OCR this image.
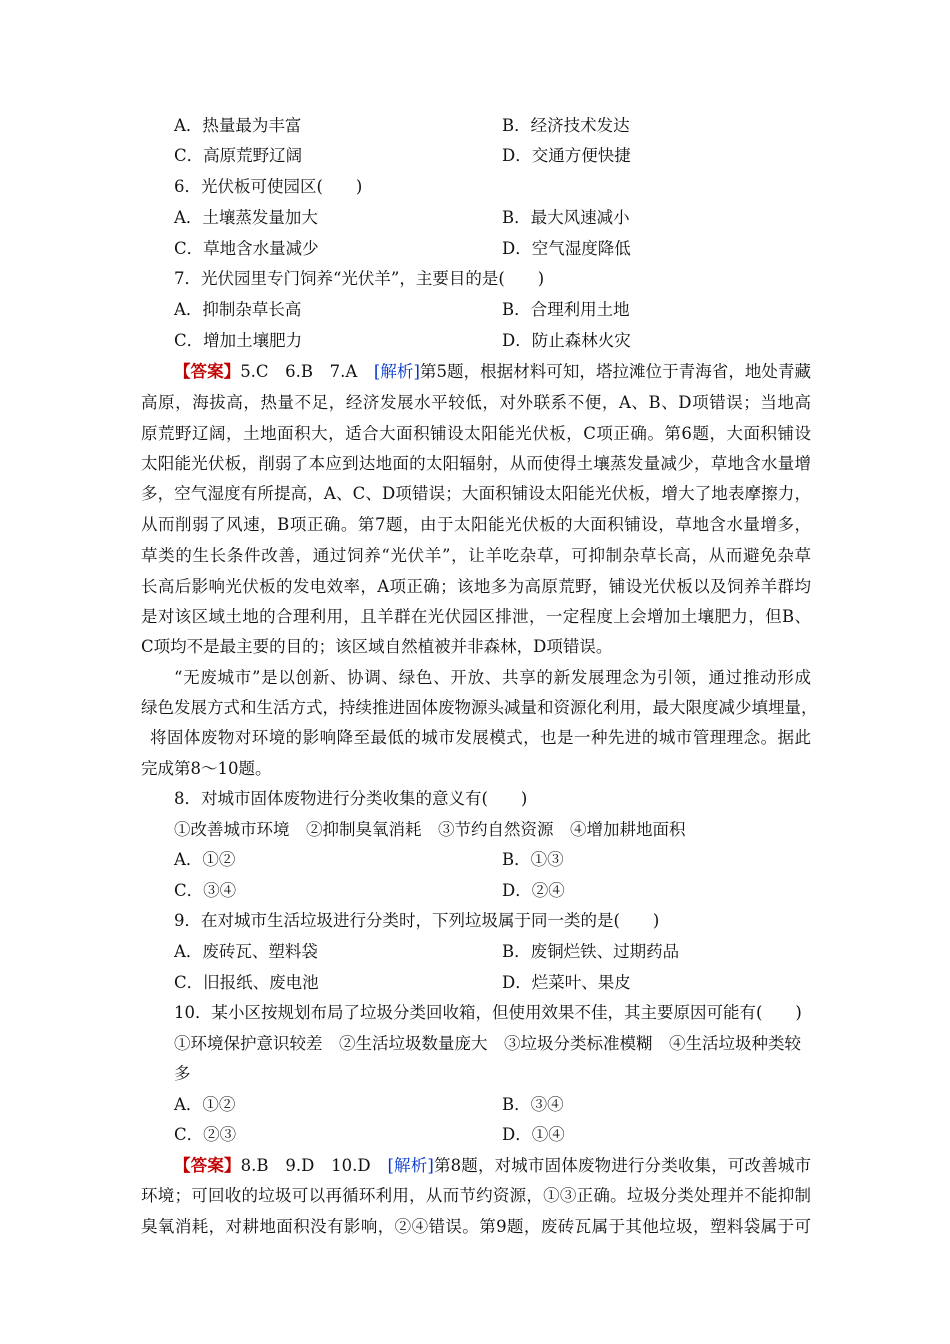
A．热量最为丰富	B．经济技术发达
C．高原荒野辽阔	D．交通方便快捷
6．光伏板可使园区(　　)
A．土壤蒸发量加大	B．最大风速减小
C．草地含水量减少	D．空气湿度降低
7．光伏园里专门饲养“光伏羊”，主要目的是(　　)
A．抑制杂草长高	B．合理利用土地
C．增加土壤肥力	D．防止森林火灾
【答案】5.C　6.B　7.A　[解析]第5题，根据材料可知，塔拉滩位于青海省，地处青藏
高原，海拔高，热量不足，经济发展水平较低，对外联系不便，A、B、D项错误；当地高
原荒野辽阔，土地面积大，适合大面积铺设太阳能光伏板，C项正确。第6题，大面积铺设
太阳能光伏板，削弱了本应到达地面的太阳辐射，从而使得土壤蒸发量减少，草地含水量增
多，空气湿度有所提高，A、C、D项错误；大面积铺设太阳能光伏板，增大了地表摩擦力，
从而削弱了风速，B项正确。第7题，由于太阳能光伏板的大面积铺设，草地含水量增多，
草类的生长条件改善，通过饲养“光伏羊”，让羊吃杂草，可抑制杂草长高，从而避免杂草
长高后影响光伏板的发电效率，A项正确；该地多为高原荒野，铺设光伏板以及饲养羊群均
是对该区域土地的合理利用，且羊群在光伏园区排泄，一定程度上会增加土壤肥力，但B、
C项均不是最主要的目的；该区域自然植被并非森林，D项错误。
“无废城市”是以创新、协调、绿色、开放、共享的新发展理念为引领，通过推动形成
绿色发展方式和生活方式，持续推进固体废物源头减量和资源化利用，最大限度减少填埋量，
将固体废物对环境的影响降至最低的城市发展模式，也是一种先进的城市管理理念。据此
完成第8～10题。
8．对城市固体废物进行分类收集的意义有(　　)
①改善城市环境　②抑制臭氧消耗　③节约自然资源　④增加耕地面积
A．①②	B．①③
C．③④	D．②④
9．在对城市生活垃圾进行分类时，下列垃圾属于同一类的是(　　)
A．废砖瓦、塑料袋	B．废铜烂铁、过期药品
C．旧报纸、废电池	D．烂菜叶、果皮
10．某小区按规划布局了垃圾分类回收箱，但使用效果不佳，其主要原因可能有(　　)
①环境保护意识较差　②生活垃圾数量庞大　③垃圾分类标准模糊　④生活垃圾种类较
多
A．①②	B．③④
C．②③	D．①④
【答案】8.B　9.D　10.D　[解析]第8题，对城市固体废物进行分类收集，可改善城市
环境；可回收的垃圾可以再循环利用，从而节约资源，①③正确。垃圾分类处理并不能抑制
臭氧消耗，对耕地面积没有影响，②④错误。第9题，废砖瓦属于其他垃圾，塑料袋属于可
